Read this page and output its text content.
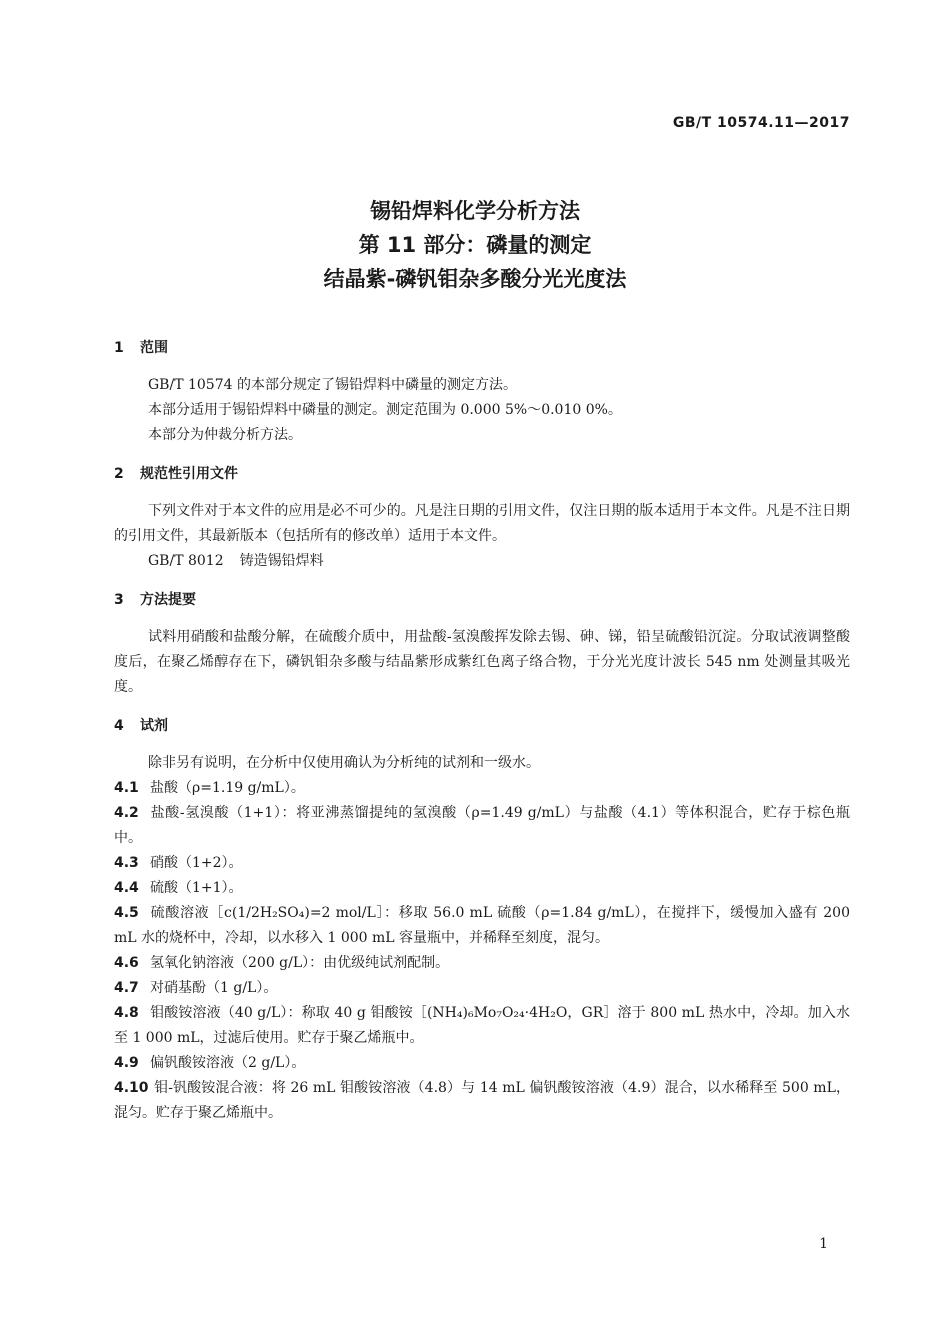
GB/T 10574.11—2017
锡铅焊料化学分析方法
第 11 部分：磷量的测定
结晶紫-磷钒钼杂多酸分光光度法
1 范围

GB/T 10574 的本部分规定了锡铅焊料中磷量的测定方法。

本部分适用于锡铅焊料中磷量的测定。测定范围为 0.000 5%～0.010 0%。

本部分为仲裁分析方法。

2 规范性引用文件

下列文件对于本文件的应用是必不可少的。凡是注日期的引用文件，仅注日期的版本适用于本文件。凡是不注日期的引用文件，其最新版本（包括所有的修改单）适用于本文件。

GB/T 8012 铸造锡铅焊料

3 方法提要

试料用硝酸和盐酸分解，在硫酸介质中，用盐酸-氢溴酸挥发除去锡、砷、锑，铅呈硫酸铅沉淀。分取试液调整酸度后，在聚乙烯醇存在下，磷钒钼杂多酸与结晶紫形成紫红色离子络合物，于分光光度计波长 545 nm 处测量其吸光度。

4 试剂

除非另有说明，在分析中仅使用确认为分析纯的试剂和一级水。

4.1 盐酸（ρ=1.19 g/mL）。

4.2 盐酸-氢溴酸（1+1）：将亚沸蒸馏提纯的氢溴酸（ρ=1.49 g/mL）与盐酸（4.1）等体积混合，贮存于棕色瓶中。

4.3 硝酸（1+2）。

4.4 硫酸（1+1）。

4.5 硫酸溶液［c(1/2H₂SO₄)=2 mol/L］：移取 56.0 mL 硫酸（ρ=1.84 g/mL），在搅拌下，缓慢加入盛有 200 mL 水的烧杯中，冷却，以水移入 1 000 mL 容量瓶中，并稀释至刻度，混匀。

4.6 氢氧化钠溶液（200 g/L）：由优级纯试剂配制。

4.7 对硝基酚（1 g/L）。

4.8 钼酸铵溶液（40 g/L）：称取 40 g 钼酸铵［(NH₄)₆Mo₇O₂₄·4H₂O，GR］溶于 800 mL 热水中，冷却。加入水至 1 000 mL，过滤后使用。贮存于聚乙烯瓶中。

4.9 偏钒酸铵溶液（2 g/L）。

4.10 钼-钒酸铵混合液：将 26 mL 钼酸铵溶液（4.8）与 14 mL 偏钒酸铵溶液（4.9）混合，以水稀释至 500 mL，混匀。贮存于聚乙烯瓶中。

1
